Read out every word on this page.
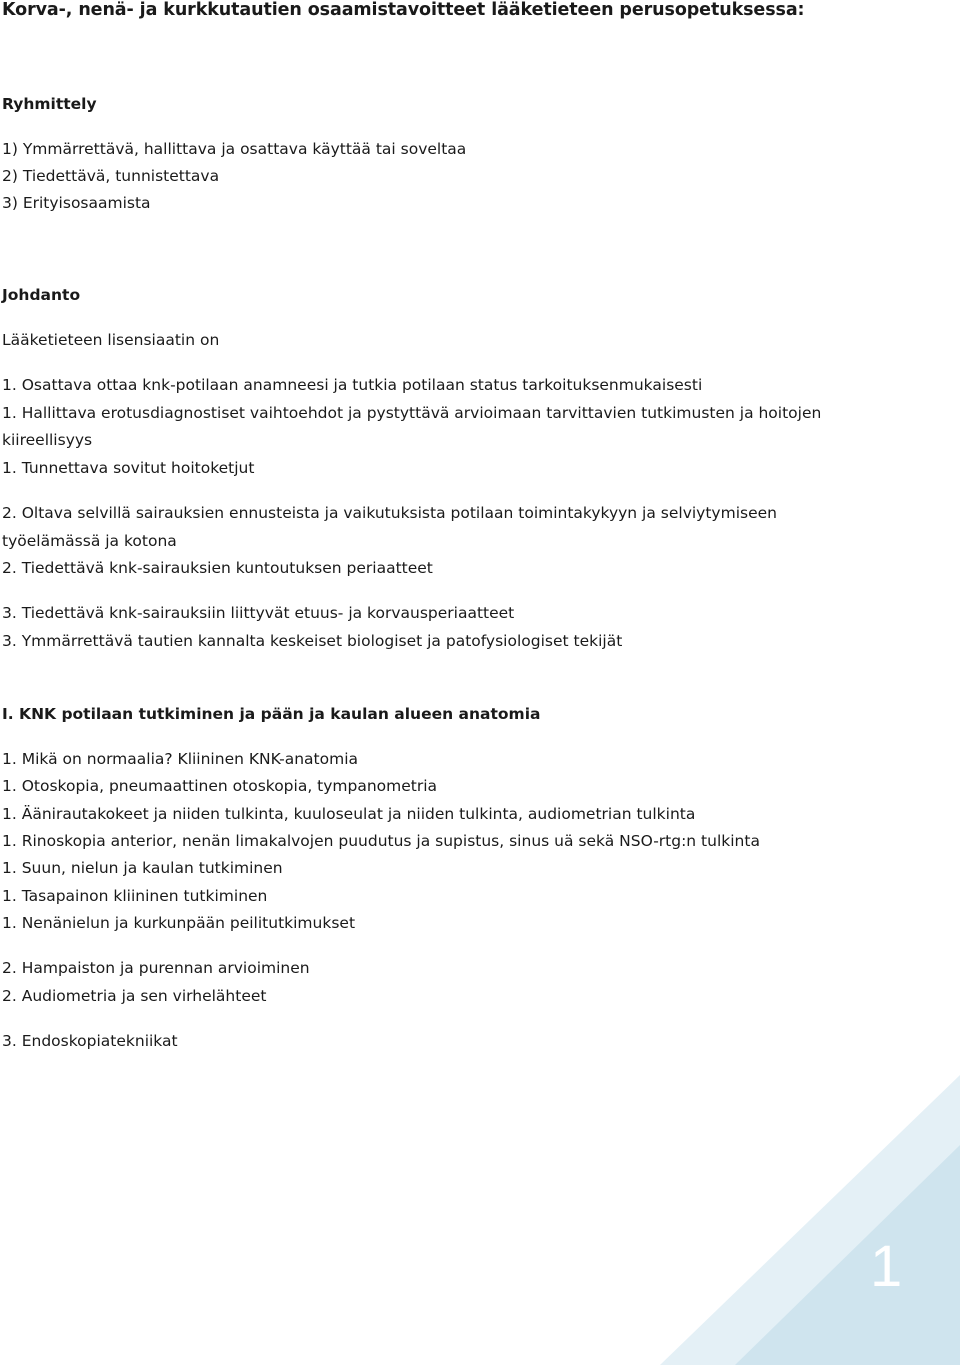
Korva-, nenä- ja kurkkutautien osaamistavoitteet lääketieteen perusopetuksessa:
Ryhmittely
1) Ymmärrettävä, hallittava ja osattava käyttää tai soveltaa
2) Tiedettävä, tunnistettava
3) Erityisosaamista
Johdanto
Lääketieteen lisensiaatin on
1. Osattava ottaa knk-potilaan anamneesi ja tutkia potilaan status tarkoituksenmukaisesti
1. Hallittava erotusdiagnostiset vaihtoehdot ja pystyttävä arvioimaan tarvittavien tutkimusten ja hoitojen
kiireellisyys
1. Tunnettava sovitut hoitoketjut
2. Oltava selvillä sairauksien ennusteista ja vaikutuksista potilaan toimintakykyyn ja selviytymiseen
työelämässä ja kotona
2. Tiedettävä knk-sairauksien kuntoutuksen periaatteet
3. Tiedettävä knk-sairauksiin liittyvät etuus- ja korvausperiaatteet
3. Ymmärrettävä tautien kannalta keskeiset biologiset ja patofysiologiset tekijät
I. KNK potilaan tutkiminen ja pään ja kaulan alueen anatomia
1. Mikä on normaalia? Kliininen KNK-anatomia
1. Otoskopia, pneumaattinen otoskopia, tympanometria
1. Äänirautakokeet ja niiden tulkinta, kuuloseulat ja niiden tulkinta, audiometrian tulkinta
1. Rinoskopia anterior, nenän limakalvojen puudutus ja supistus, sinus uä sekä NSO-rtg:n tulkinta
1. Suun, nielun ja kaulan tutkiminen
1. Tasapainon kliininen tutkiminen
1. Nenänielun ja kurkunpään peilitutkimukset
2. Hampaiston ja purennan arvioiminen
2. Audiometria ja sen virhelähteet
3. Endoskopiatekniikat
1
